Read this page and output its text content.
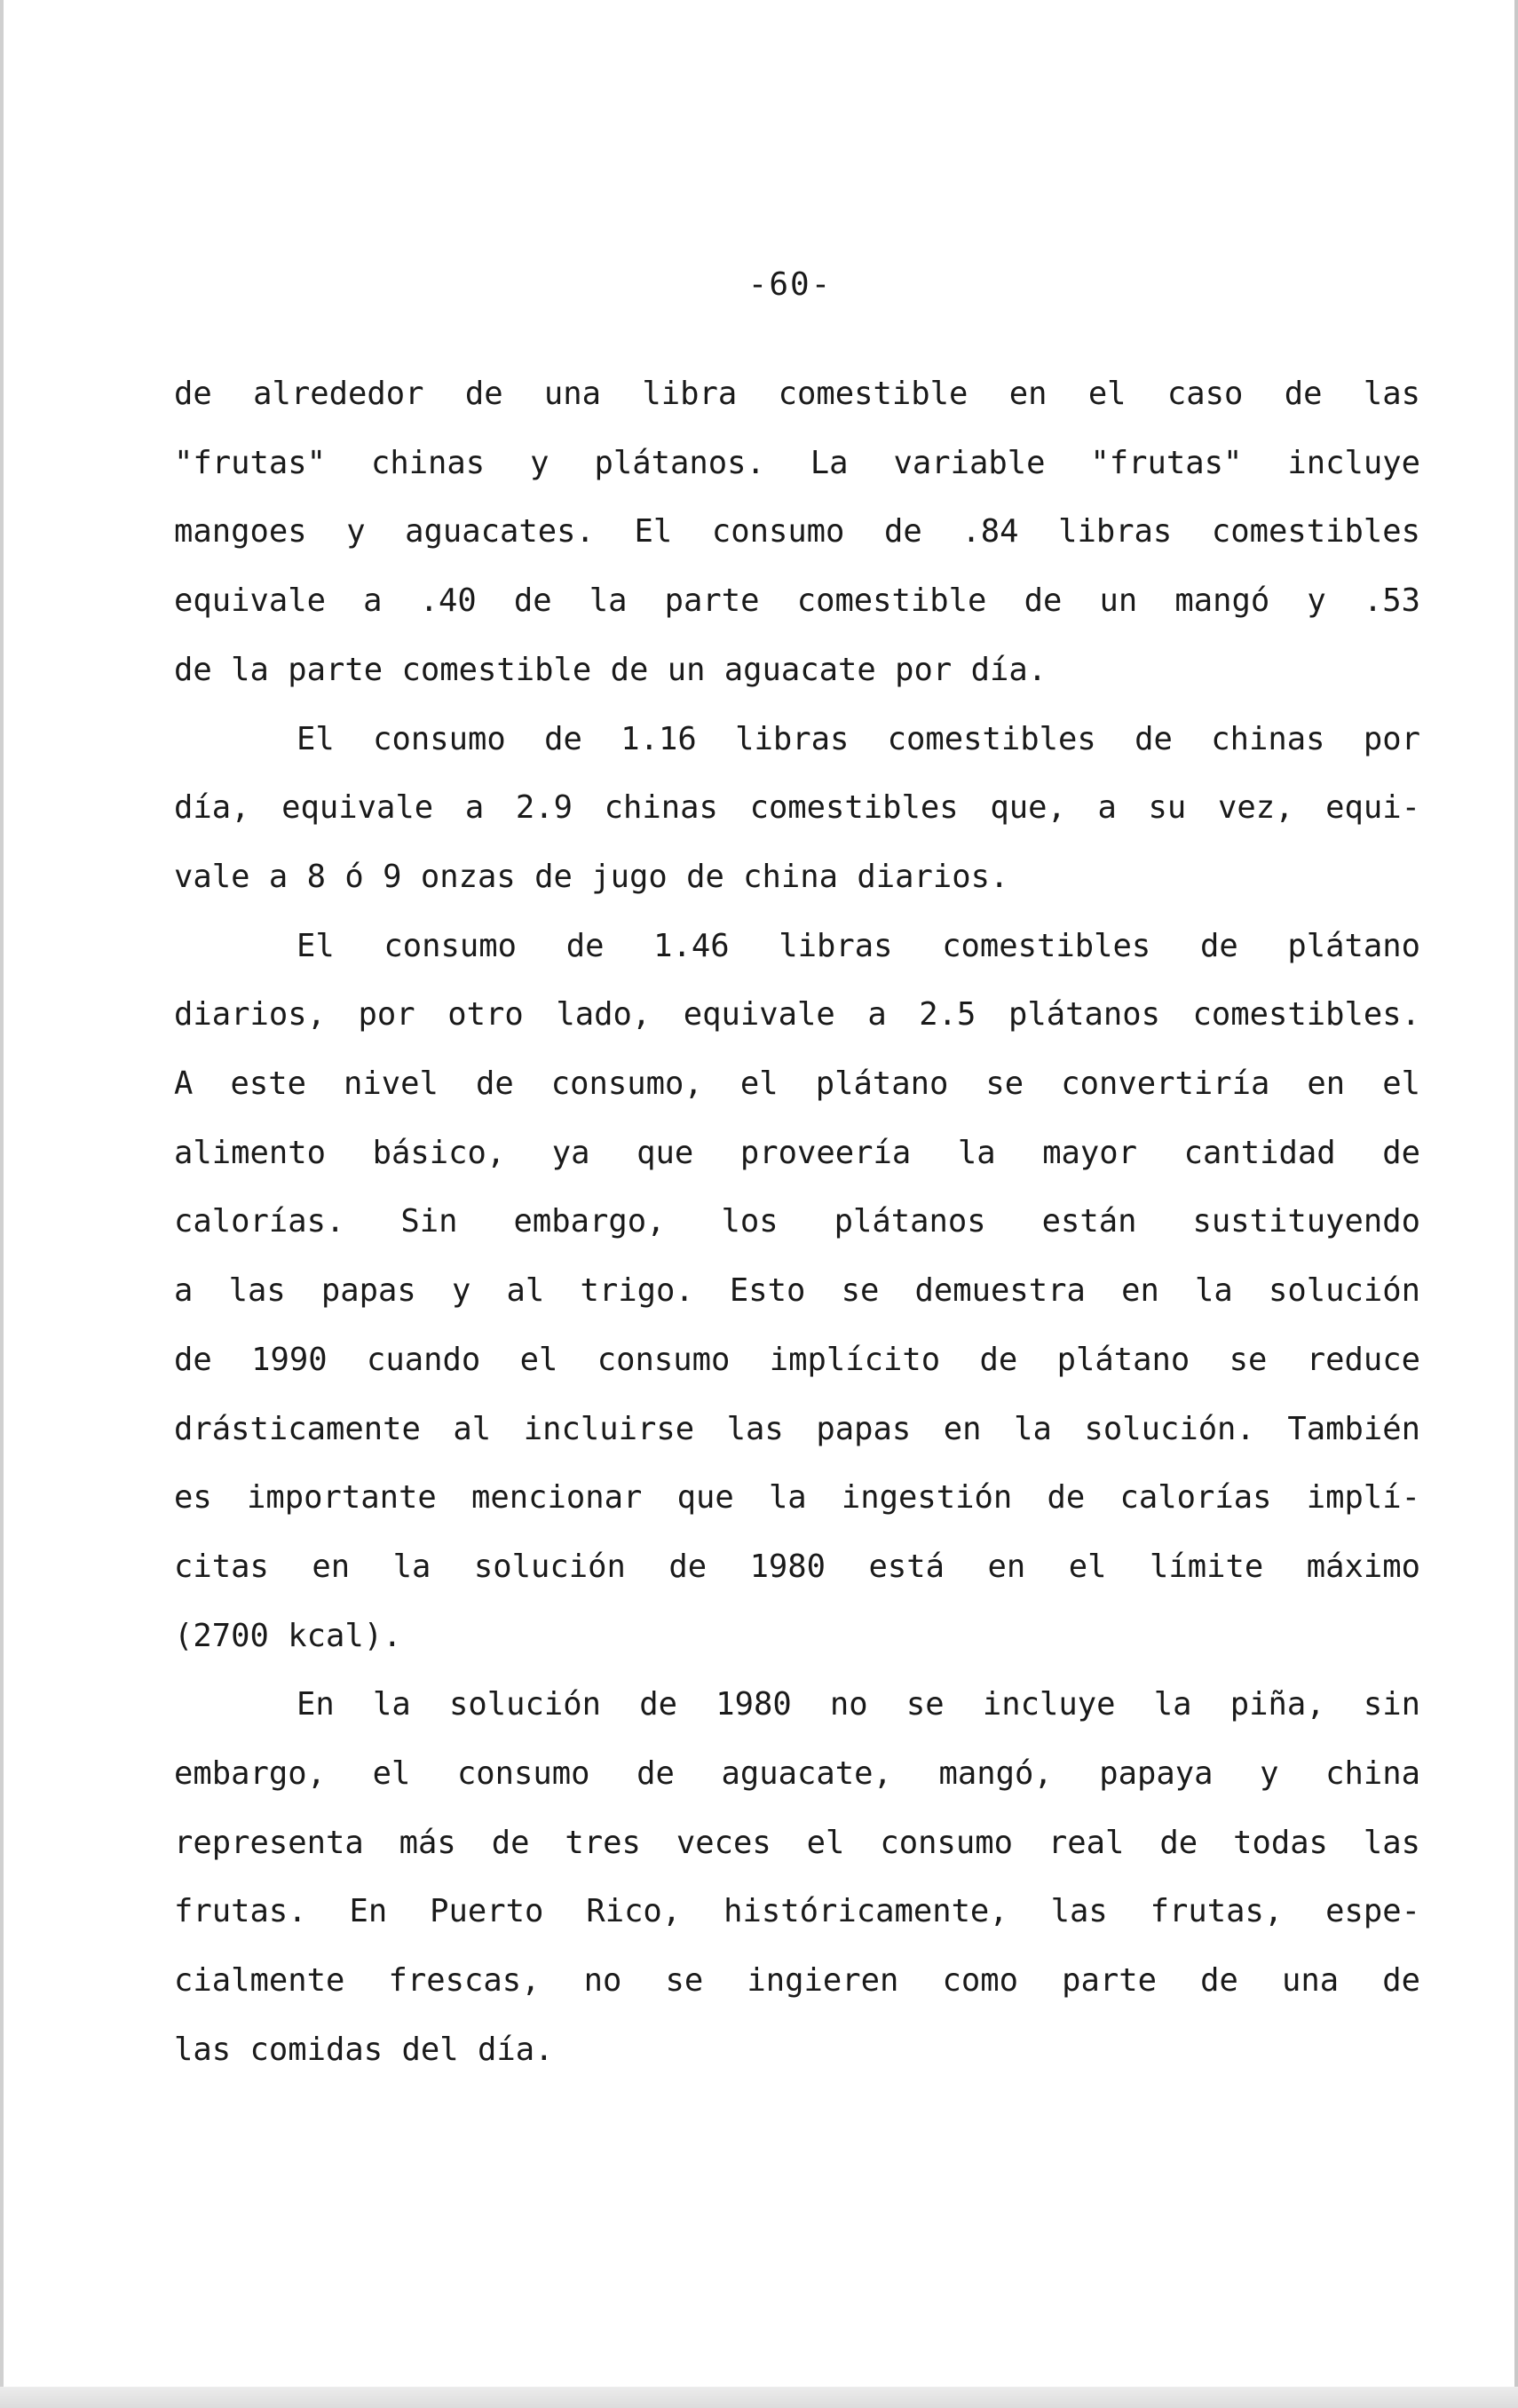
-60-

de alrededor de una libra comestible en el caso de las

"frutas" chinas y plátanos. La variable "frutas" incluye

mangoes y aguacates. El consumo de .84 libras comestibles

equivale a .40 de la parte comestible de un mangó y .53

de la parte comestible de un aguacate por día.

El consumo de 1.16 libras comestibles de chinas por

día, equivale a 2.9 chinas comestibles que, a su vez, equi-

vale a 8 ó 9 onzas de jugo de china diarios.

El consumo de 1.46 libras comestibles de plátano

diarios, por otro lado, equivale a 2.5 plátanos comestibles.

A este nivel de consumo, el plátano se convertiría en el

alimento básico, ya que proveería la mayor cantidad de

calorías. Sin embargo, los plátanos están sustituyendo

a las papas y al trigo. Esto se demuestra en la solución

de 1990 cuando el consumo implícito de plátano se reduce

drásticamente al incluirse las papas en la solución. También

es importante mencionar que la ingestión de calorías implí-

citas en la solución de 1980 está en el límite máximo

(2700 kcal).

En la solución de 1980 no se incluye la piña, sin

embargo, el consumo de aguacate, mangó, papaya y china

representa más de tres veces el consumo real de todas las

frutas. En Puerto Rico, históricamente, las frutas, espe-

cialmente frescas, no se ingieren como parte de una de

las comidas del día.
